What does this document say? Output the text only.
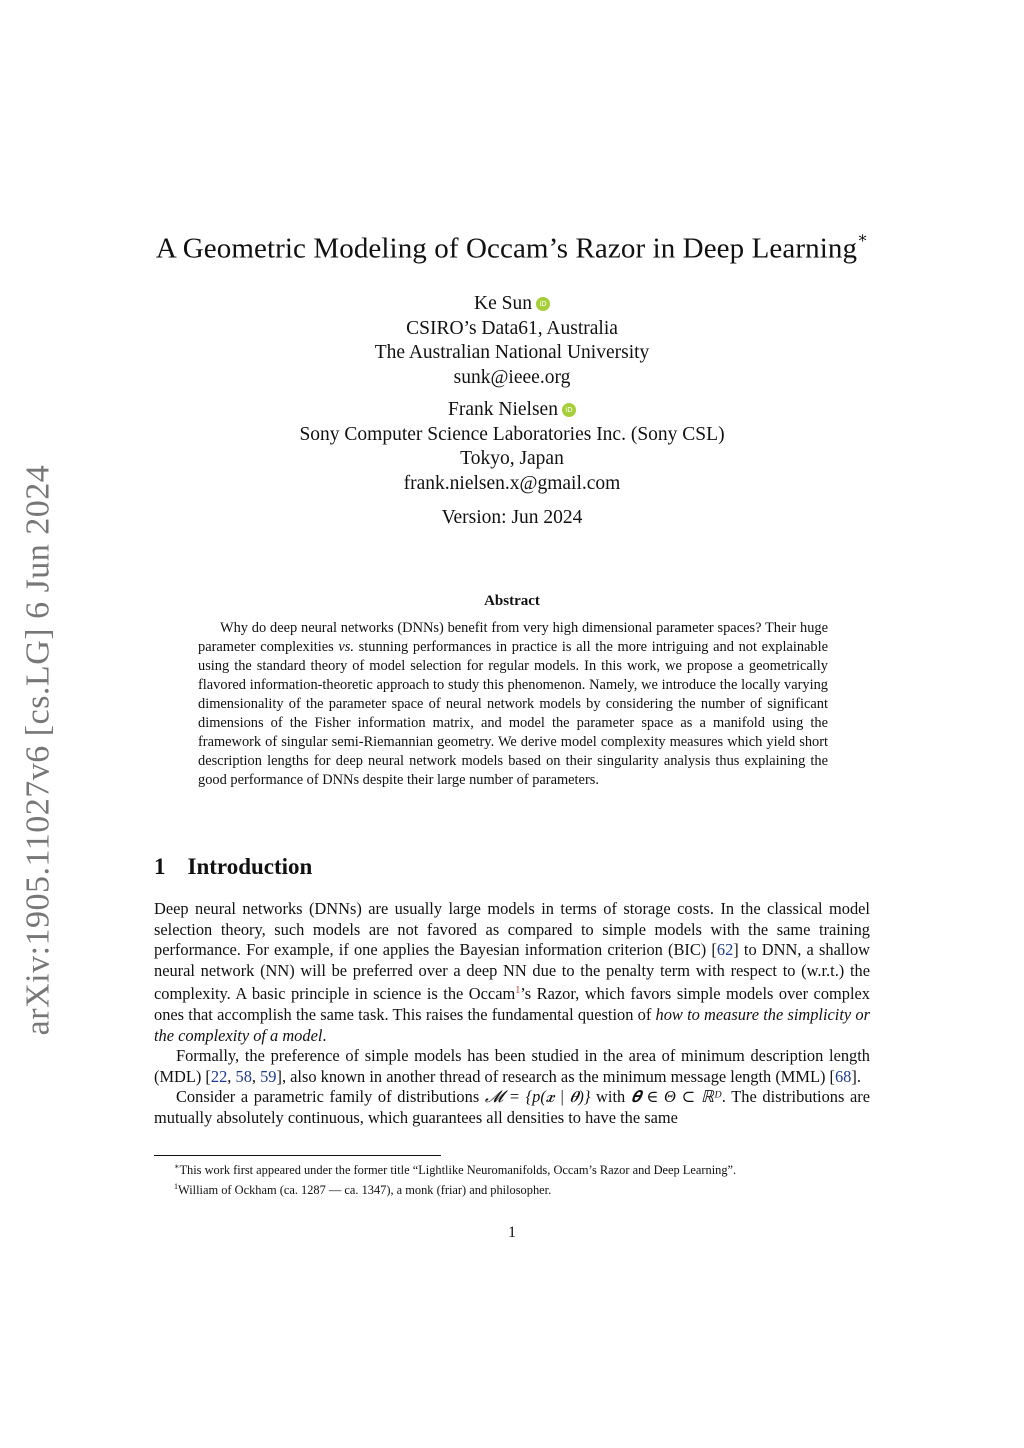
arXiv:1905.11027v6 [cs.LG] 6 Jun 2024
A Geometric Modeling of Occam’s Razor in Deep Learning∗
Ke Sun iD
CSIRO’s Data61, Australia
The Australian National University
sunk@ieee.org
Frank Nielsen iD
Sony Computer Science Laboratories Inc. (Sony CSL)
Tokyo, Japan
frank.nielsen.x@gmail.com
Version: Jun 2024
Abstract

Why do deep neural networks (DNNs) benefit from very high dimensional parameter spaces? Their huge parameter complexities vs. stunning performances in practice is all the more intriguing and not explainable using the standard theory of model selection for regular models. In this work, we propose a geometrically flavored information-theoretic approach to study this phenomenon. Namely, we introduce the locally varying dimensionality of the parameter space of neural network models by considering the number of significant dimensions of the Fisher information matrix, and model the parameter space as a manifold using the framework of singular semi-Riemannian geometry. We derive model complexity measures which yield short description lengths for deep neural network models based on their singularity analysis thus explaining the good performance of DNNs despite their large number of parameters.

1 Introduction

Deep neural networks (DNNs) are usually large models in terms of storage costs. In the classical model selection theory, such models are not favored as compared to simple models with the same training performance. For example, if one applies the Bayesian information criterion (BIC) [62] to DNN, a shallow neural network (NN) will be preferred over a deep NN due to the penalty term with respect to (w.r.t.) the complexity. A basic principle in science is the Occam$^1$’s Razor, which favors simple models over complex ones that accomplish the same task. This raises the fundamental question of how to measure the simplicity or the complexity of a model.

Formally, the preference of simple models has been studied in the area of minimum description length (MDL) [22, 58, 59], also known in another thread of research as the minimum message length (MML) [68].

Consider a parametric family of distributions 𝓜 = {p(𝒙 | 𝜽)} with 𝜽 ∈ Θ ⊂ ℝᴰ. The distributions are mutually absolutely continuous, which guarantees all densities to have the same

∗This work first appeared under the former title “Lightlike Neuromanifolds, Occam’s Razor and Deep Learning”.
$^1$William of Ockham (ca. 1287 — ca. 1347), a monk (friar) and philosopher.
1
